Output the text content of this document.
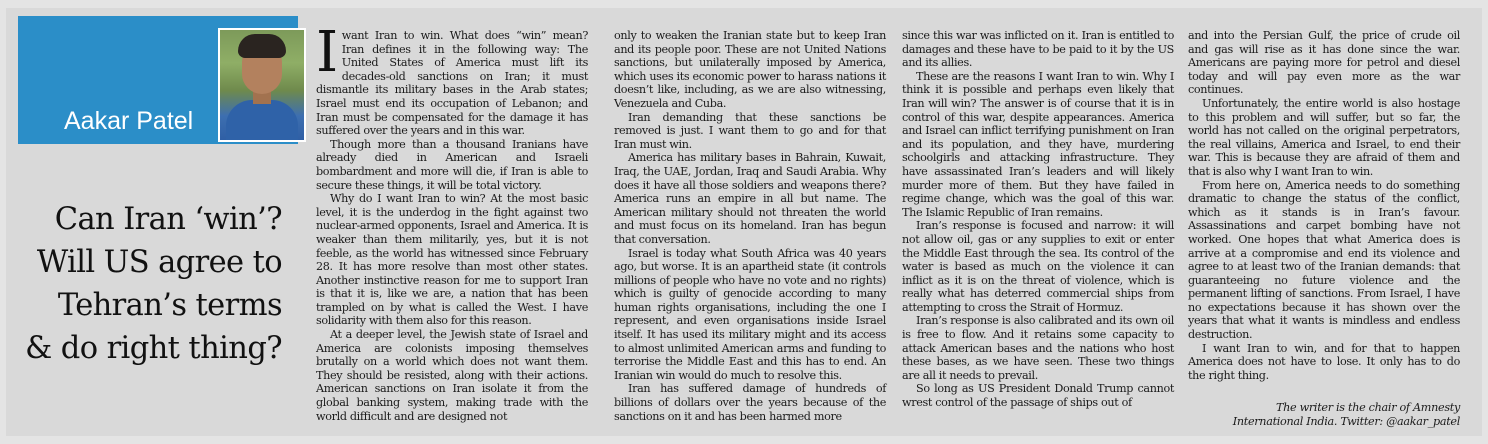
Aakar Patel
Can Iran ‘win’?
Will US agree to
Tehran’s terms
& do right thing?
I want Iran to win. What does “win” mean? Iran defines it in the following way: The United States of America must lift its decades-old sanctions on Iran; it must dismantle its military bases in the Arab states; Israel must end its occupation of Lebanon; and Iran must be compensated for the damage it has suffered over the years and in this war.

Though more than a thousand Iranians have already died in American and Israeli bombardment and more will die, if Iran is able to secure these things, it will be total victory.

Why do I want Iran to win? At the most basic level, it is the underdog in the fight against two nuclear-armed opponents, Israel and America. It is weaker than them militarily, yes, but it is not feeble, as the world has witnessed since February 28. It has more resolve than most other states. Another instinctive reason for me to support Iran is that it is, like we are, a nation that has been trampled on by what is called the West. I have solidarity with them also for this reason.

At a deeper level, the Jewish state of Israel and America are colonists imposing themselves brutally on a world which does not want them. They should be resisted, along with their actions. American sanctions on Iran isolate it from the global banking system, making trade with the world difficult and are designed not

only to weaken the Iranian state but to keep Iran and its people poor. These are not United Nations sanctions, but unilaterally imposed by America, which uses its economic power to harass nations it doesn’t like, including, as we are also witnessing, Venezuela and Cuba.

Iran demanding that these sanctions be removed is just. I want them to go and for that Iran must win.

America has military bases in Bahrain, Kuwait, Iraq, the UAE, Jordan, Iraq and Saudi Arabia. Why does it have all those soldiers and weapons there? America runs an empire in all but name. The American military should not threaten the world and must focus on its homeland. Iran has begun that conversation.

Israel is today what South Africa was 40 years ago, but worse. It is an apartheid state (it controls millions of people who have no vote and no rights) which is guilty of genocide according to many human rights organisations, including the one I represent, and even organisations inside Israel itself. It has used its military might and its access to almost unlimited American arms and funding to terrorise the Middle East and this has to end. An Iranian win would do much to resolve this.

Iran has suffered damage of hundreds of billions of dollars over the years because of the sanctions on it and has been harmed more

since this war was inflicted on it. Iran is entitled to damages and these have to be paid to it by the US and its allies.

These are the reasons I want Iran to win. Why I think it is possible and perhaps even likely that Iran will win? The answer is of course that it is in control of this war, despite appearances. America and Israel can inflict terrifying punishment on Iran and its population, and they have, murdering schoolgirls and attacking infrastructure. They have assassinated Iran’s leaders and will likely murder more of them. But they have failed in regime change, which was the goal of this war. The Islamic Republic of Iran remains.

Iran’s response is focused and narrow: it will not allow oil, gas or any supplies to exit or enter the Middle East through the sea. Its control of the water is based as much on the violence it can inflict as it is on the threat of violence, which is really what has deterred commercial ships from attempting to cross the Strait of Hormuz.

Iran’s response is also calibrated and its own oil is free to flow. And it retains some capacity to attack American bases and the nations who host these bases, as we have seen. These two things are all it needs to prevail.

So long as US President Donald Trump cannot wrest control of the passage of ships out of

and into the Persian Gulf, the price of crude oil and gas will rise as it has done since the war. Americans are paying more for petrol and diesel today and will pay even more as the war continues.

Unfortunately, the entire world is also hostage to this problem and will suffer, but so far, the world has not called on the original perpetrators, the real villains, America and Israel, to end their war. This is because they are afraid of them and that is also why I want Iran to win.

From here on, America needs to do something dramatic to change the status of the conflict, which as it stands is in Iran’s favour. Assassinations and carpet bombing have not worked. One hopes that what America does is arrive at a compromise and end its violence and agree to at least two of the Iranian demands: that guaranteeing no future violence and the permanent lifting of sanctions. From Israel, I have no expectations because it has shown over the years that what it wants is mindless and endless destruction.

I want Iran to win, and for that to happen America does not have to lose. It only has to do the right thing.

The writer is the chair of Amnesty
International India. Twitter: @aakar_patel
